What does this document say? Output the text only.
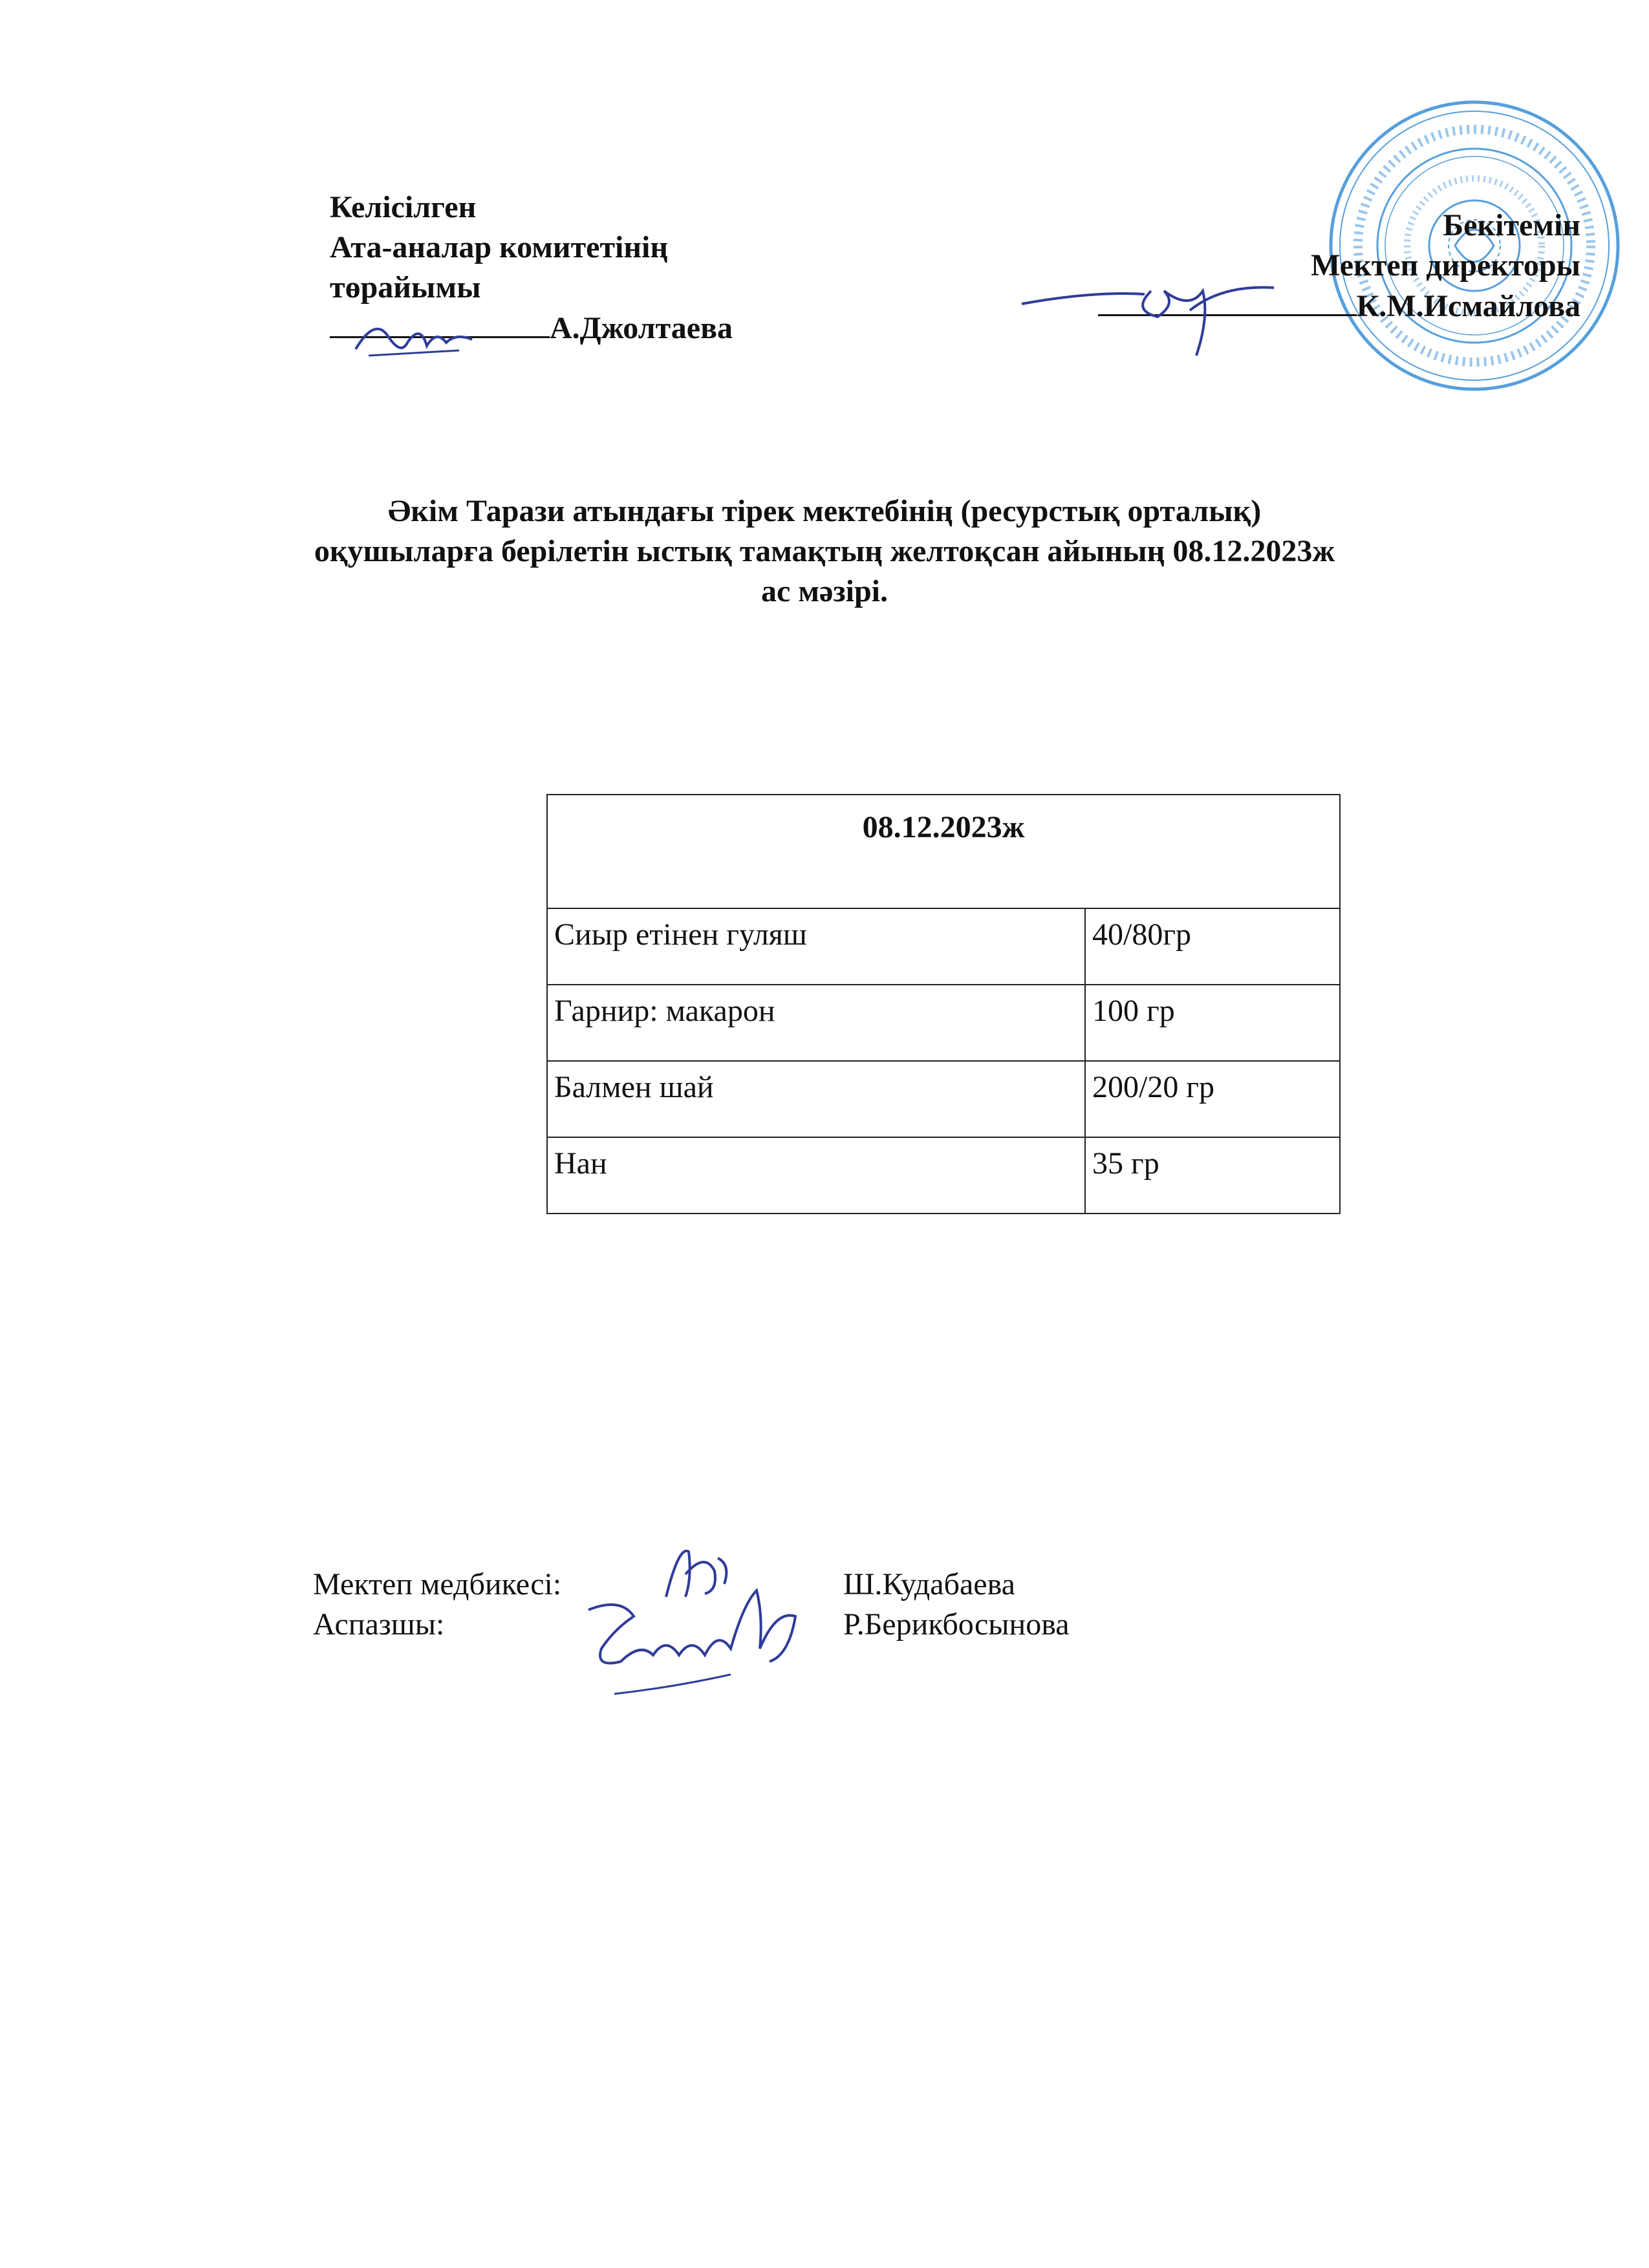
Келісілген
Ата-аналар комитетінің
төрайымы
А.Джолтаева
Бекітемін
Мектеп директоры
К.М.Исмайлова
Әкім Тарази атындағы тірек мектебінің (ресурстық орталық)
оқушыларға берілетін ыстық тамақтың желтоқсан айының 08.12.2023ж
ас мәзірі.
08.12.2023ж	
Сиыр етінен гуляш	40/80гр
Гарнир: макарон	100 гр
Балмен шай	200/20 гр
Нан	35 гр
Мектеп медбикесі:	Ш.Кудабаева
Аспазшы:	Р.Берикбосынова
